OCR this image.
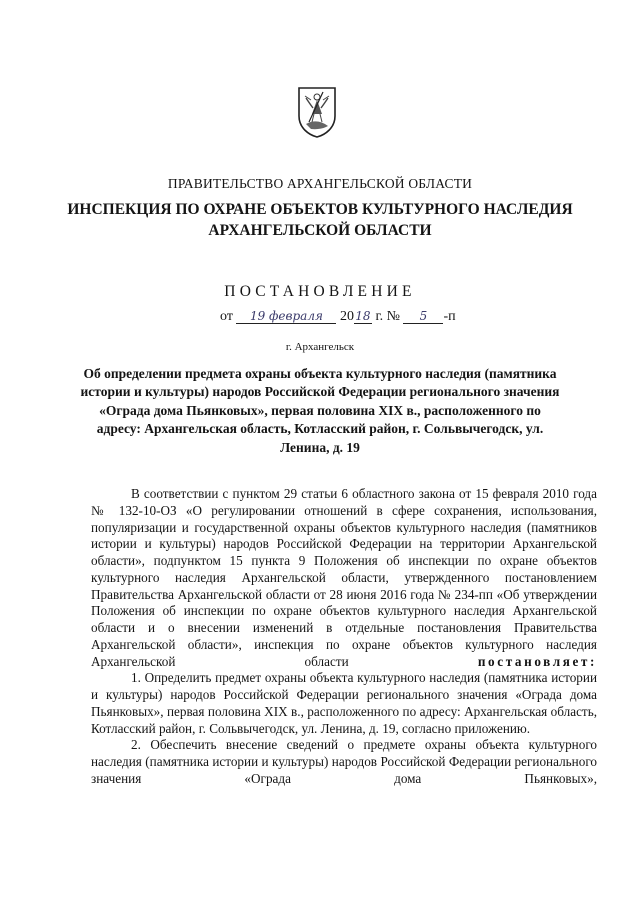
ПРАВИТЕЛЬСТВО АРХАНГЕЛЬСКОЙ ОБЛАСТИ
ИНСПЕКЦИЯ ПО ОХРАНЕ ОБЪЕКТОВ КУЛЬТУРНОГО НАСЛЕДИЯ
АРХАНГЕЛЬСКОЙ ОБЛАСТИ
ПОСТАНОВЛЕНИЕ
от 19 февраля 2018 г. № 5 -п
г. Архангельск
Об определении предмета охраны объекта культурного наследия (памятника истории и культуры) народов Российской Федерации регионального значения «Ограда дома Пьянковых», первая половина XIX в., расположенного по адресу: Архангельская область, Котласский район, г. Сольвычегодск, ул. Ленина, д. 19

В соответствии с пунктом 29 статьи 6 областного закона от 15 февраля 2010 года № 132-10-ОЗ «О регулировании отношений в сфере сохранения, использования, популяризации и государственной охраны объектов культурного наследия (памятников истории и культуры) народов Российской Федерации на территории Архангельской области», подпунктом 15 пункта 9 Положения об инспекции по охране объектов культурного наследия Архангельской области, утвержденного постановлением Правительства Архангельской области от 28 июня 2016 года № 234-пп «Об утверждении Положения об инспекции по охране объектов культурного наследия Архангельской области и о внесении изменений в отдельные постановления Правительства Архангельской области», инспекция по охране объектов культурного наследия Архангельской области	постановляет:

1. Определить предмет охраны объекта культурного наследия (памятника истории и культуры) народов Российской Федерации регионального значения «Ограда дома Пьянковых», первая половина XIX в., расположенного по адресу: Архангельская область, Котласский район, г. Сольвычегодск, ул. Ленина, д. 19, согласно приложению.

2. Обеспечить внесение сведений о предмете охраны объекта культурного наследия (памятника истории и культуры) народов Российской Федерации регионального значения «Ограда дома Пьянковых»,
